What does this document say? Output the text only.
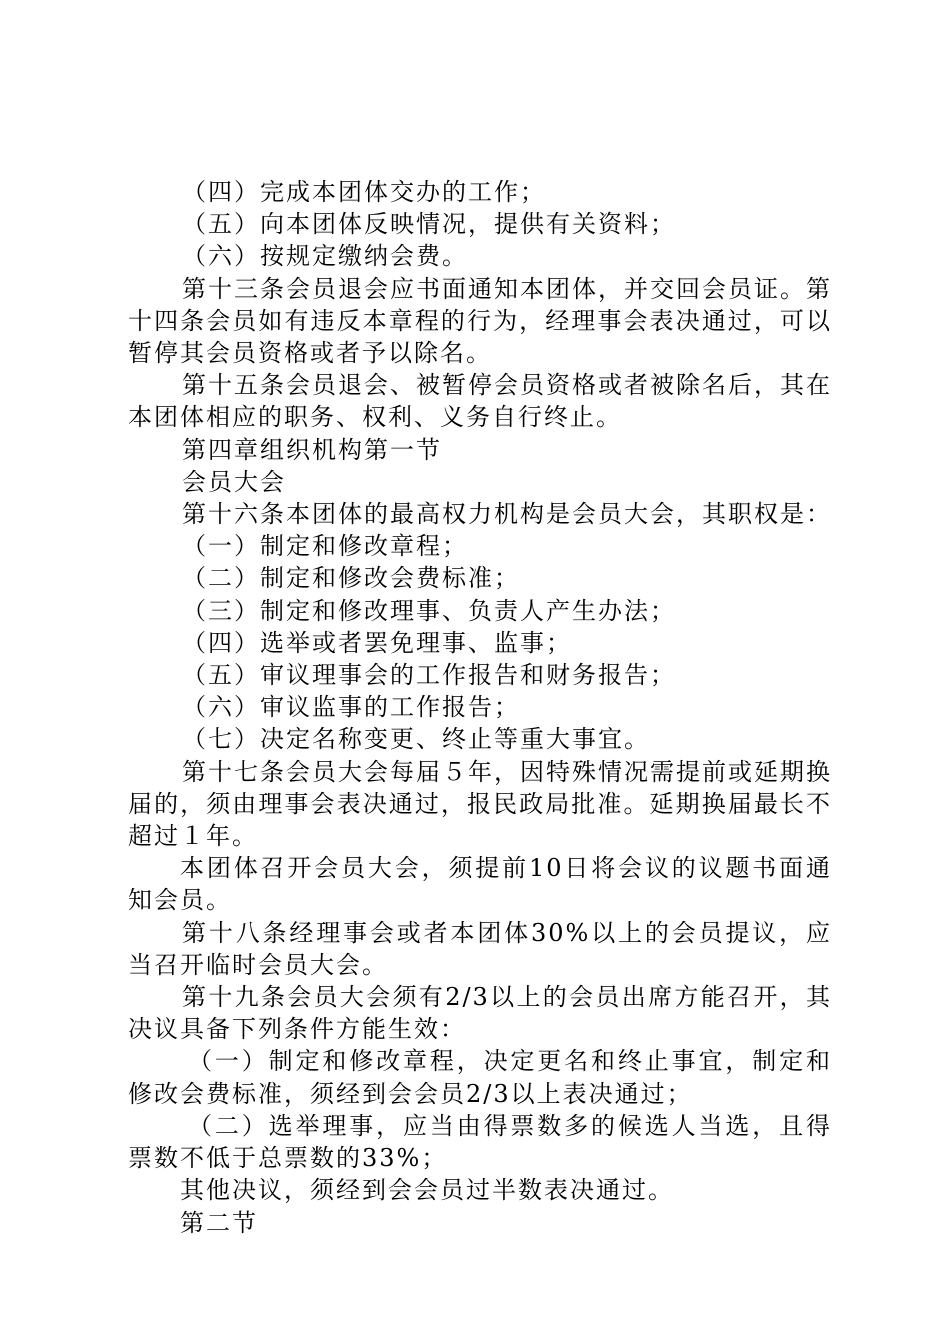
（四）完成本团体交办的工作；

（五）向本团体反映情况，提供有关资料；

（六）按规定缴纳会费。

第十三条会员退会应书面通知本团体，并交回会员证。第十四条会员如有违反本章程的行为，经理事会表决通过，可以暂停其会员资格或者予以除名。

第十五条会员退会、被暂停会员资格或者被除名后，其在本团体相应的职务、权利、义务自行终止。

第四章组织机构第一节

会员大会

第十六条本团体的最高权力机构是会员大会，其职权是：

（一）制定和修改章程；

（二）制定和修改会费标准；

（三）制定和修改理事、负责人产生办法；

（四）选举或者罢免理事、监事；

（五）审议理事会的工作报告和财务报告；

（六）审议监事的工作报告；

（七）决定名称变更、终止等重大事宜。

第十七条会员大会每届５年，因特殊情况需提前或延期换届的，须由理事会表决通过，报民政局批准。延期换届最长不超过１年。

本团体召开会员大会，须提前10日将会议的议题书面通知会员。

第十八条经理事会或者本团体30%以上的会员提议，应当召开临时会员大会。

第十九条会员大会须有2/3以上的会员出席方能召开，其决议具备下列条件方能生效：

（一）制定和修改章程，决定更名和终止事宜，制定和修改会费标准，须经到会会员2/3以上表决通过；

（二）选举理事，应当由得票数多的候选人当选，且得票数不低于总票数的33%；

其他决议，须经到会会员过半数表决通过。

第二节
